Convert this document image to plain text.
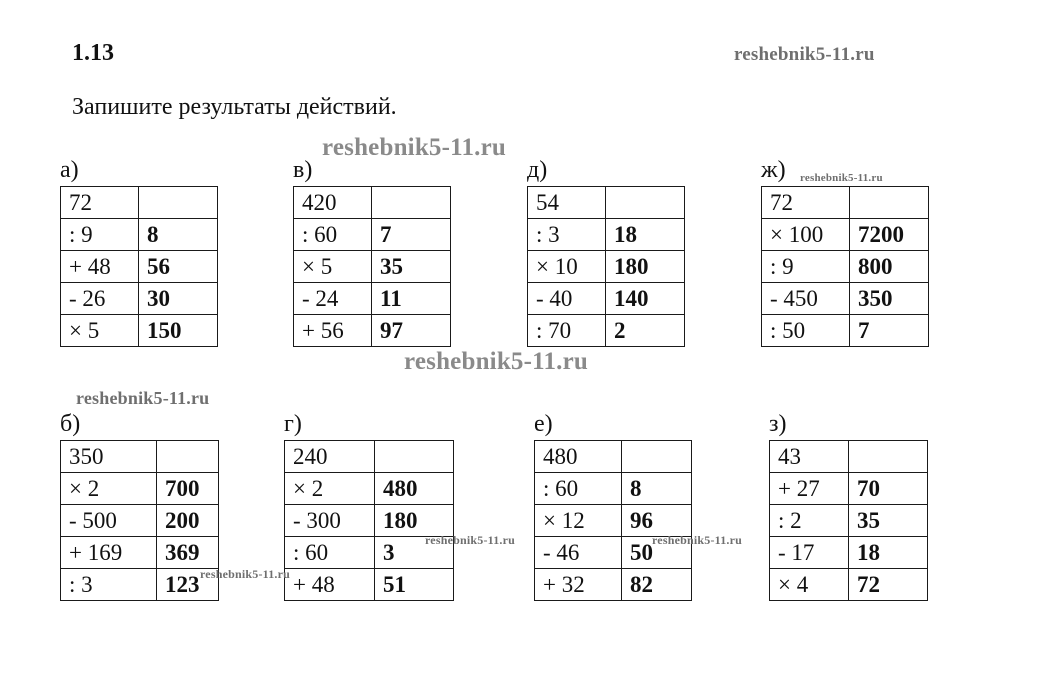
1.13
Запишите результаты действий.
а)
72	
: 9	8
+ 48	56
- 26	30
× 5	150
в)
420	
: 60	7
× 5	35
- 24	11
+ 56	97
д)
54	
: 3	18
× 10	180
- 40	140
: 70	2
ж)
72	
× 100	7200
: 9	800
- 450	350
: 50	7
б)
350	
× 2	700
- 500	200
+ 169	369
: 3	123
г)
240	
× 2	480
- 300	180
: 60	3
+ 48	51
е)
480	
: 60	8
× 12	96
- 46	50
+ 32	82
з)
43	
+ 27	70
: 2	35
- 17	18
× 4	72
reshebnik5-11.ru
reshebnik5-11.ru
reshebnik5-11.ru
reshebnik5-11.ru
reshebnik5-11.ru
reshebnik5-11.ru	reshebnik5-11.ru
reshebnik5-11.ru
